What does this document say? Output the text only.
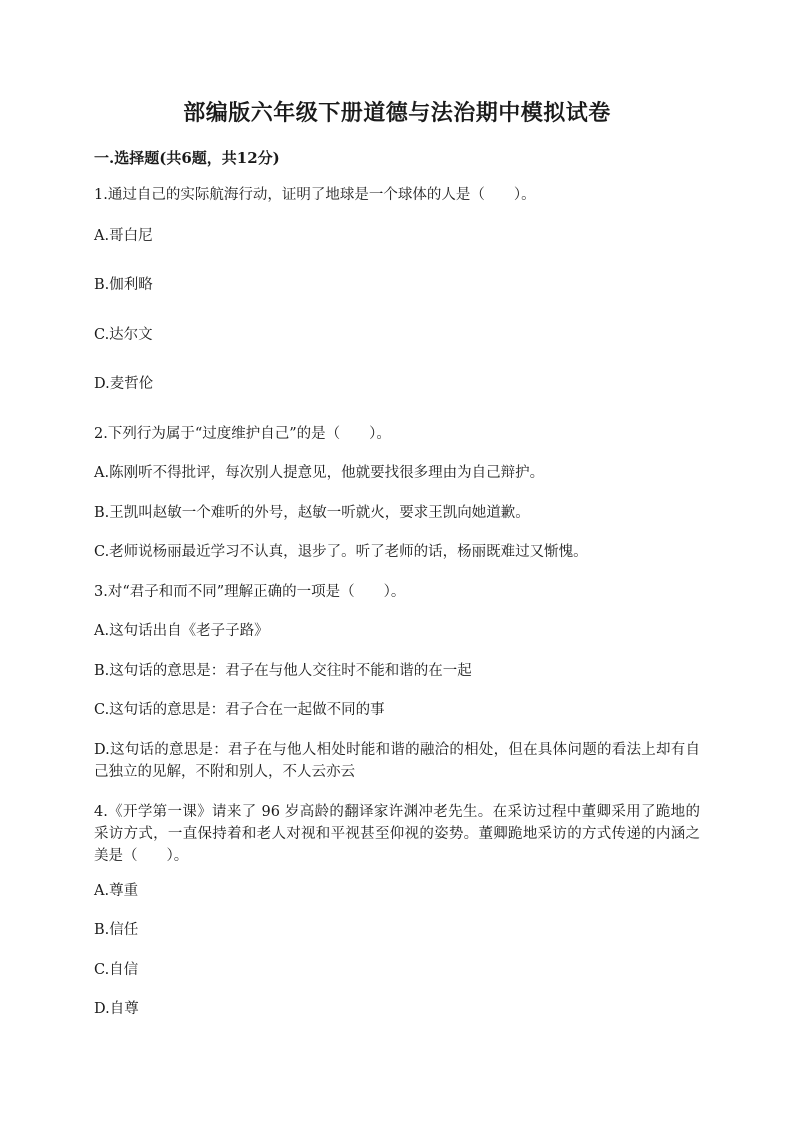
部编版六年级下册道德与法治期中模拟试卷
一.选择题(共6题，共12分)
1.通过自己的实际航海行动，证明了地球是一个球体的人是（　　）。
A.哥白尼
B.伽利略
C.达尔文
D.麦哲伦
2.下列行为属于“过度维护自己”的是（　　）。
A.陈刚听不得批评，每次别人提意见，他就要找很多理由为自己辩护。
B.王凯叫赵敏一个难听的外号，赵敏一听就火，要求王凯向她道歉。
C.老师说杨丽最近学习不认真，退步了。听了老师的话，杨丽既难过又惭愧。
3.对“君子和而不同”理解正确的一项是（　　）。
A.这句话出自《老子子路》
B.这句话的意思是：君子在与他人交往时不能和谐的在一起
C.这句话的意思是：君子合在一起做不同的事
D.这句话的意思是：君子在与他人相处时能和谐的融洽的相处，但在具体问题的看法上却有自己独立的见解，不附和别人，不人云亦云
4.《开学第一课》请来了 96 岁高龄的翻译家许渊冲老先生。在采访过程中董卿采用了跪地的采访方式，一直保持着和老人对视和平视甚至仰视的姿势。董卿跪地采访的方式传递的内涵之美是（　　）。
A.尊重
B.信任
C.自信
D.自尊
